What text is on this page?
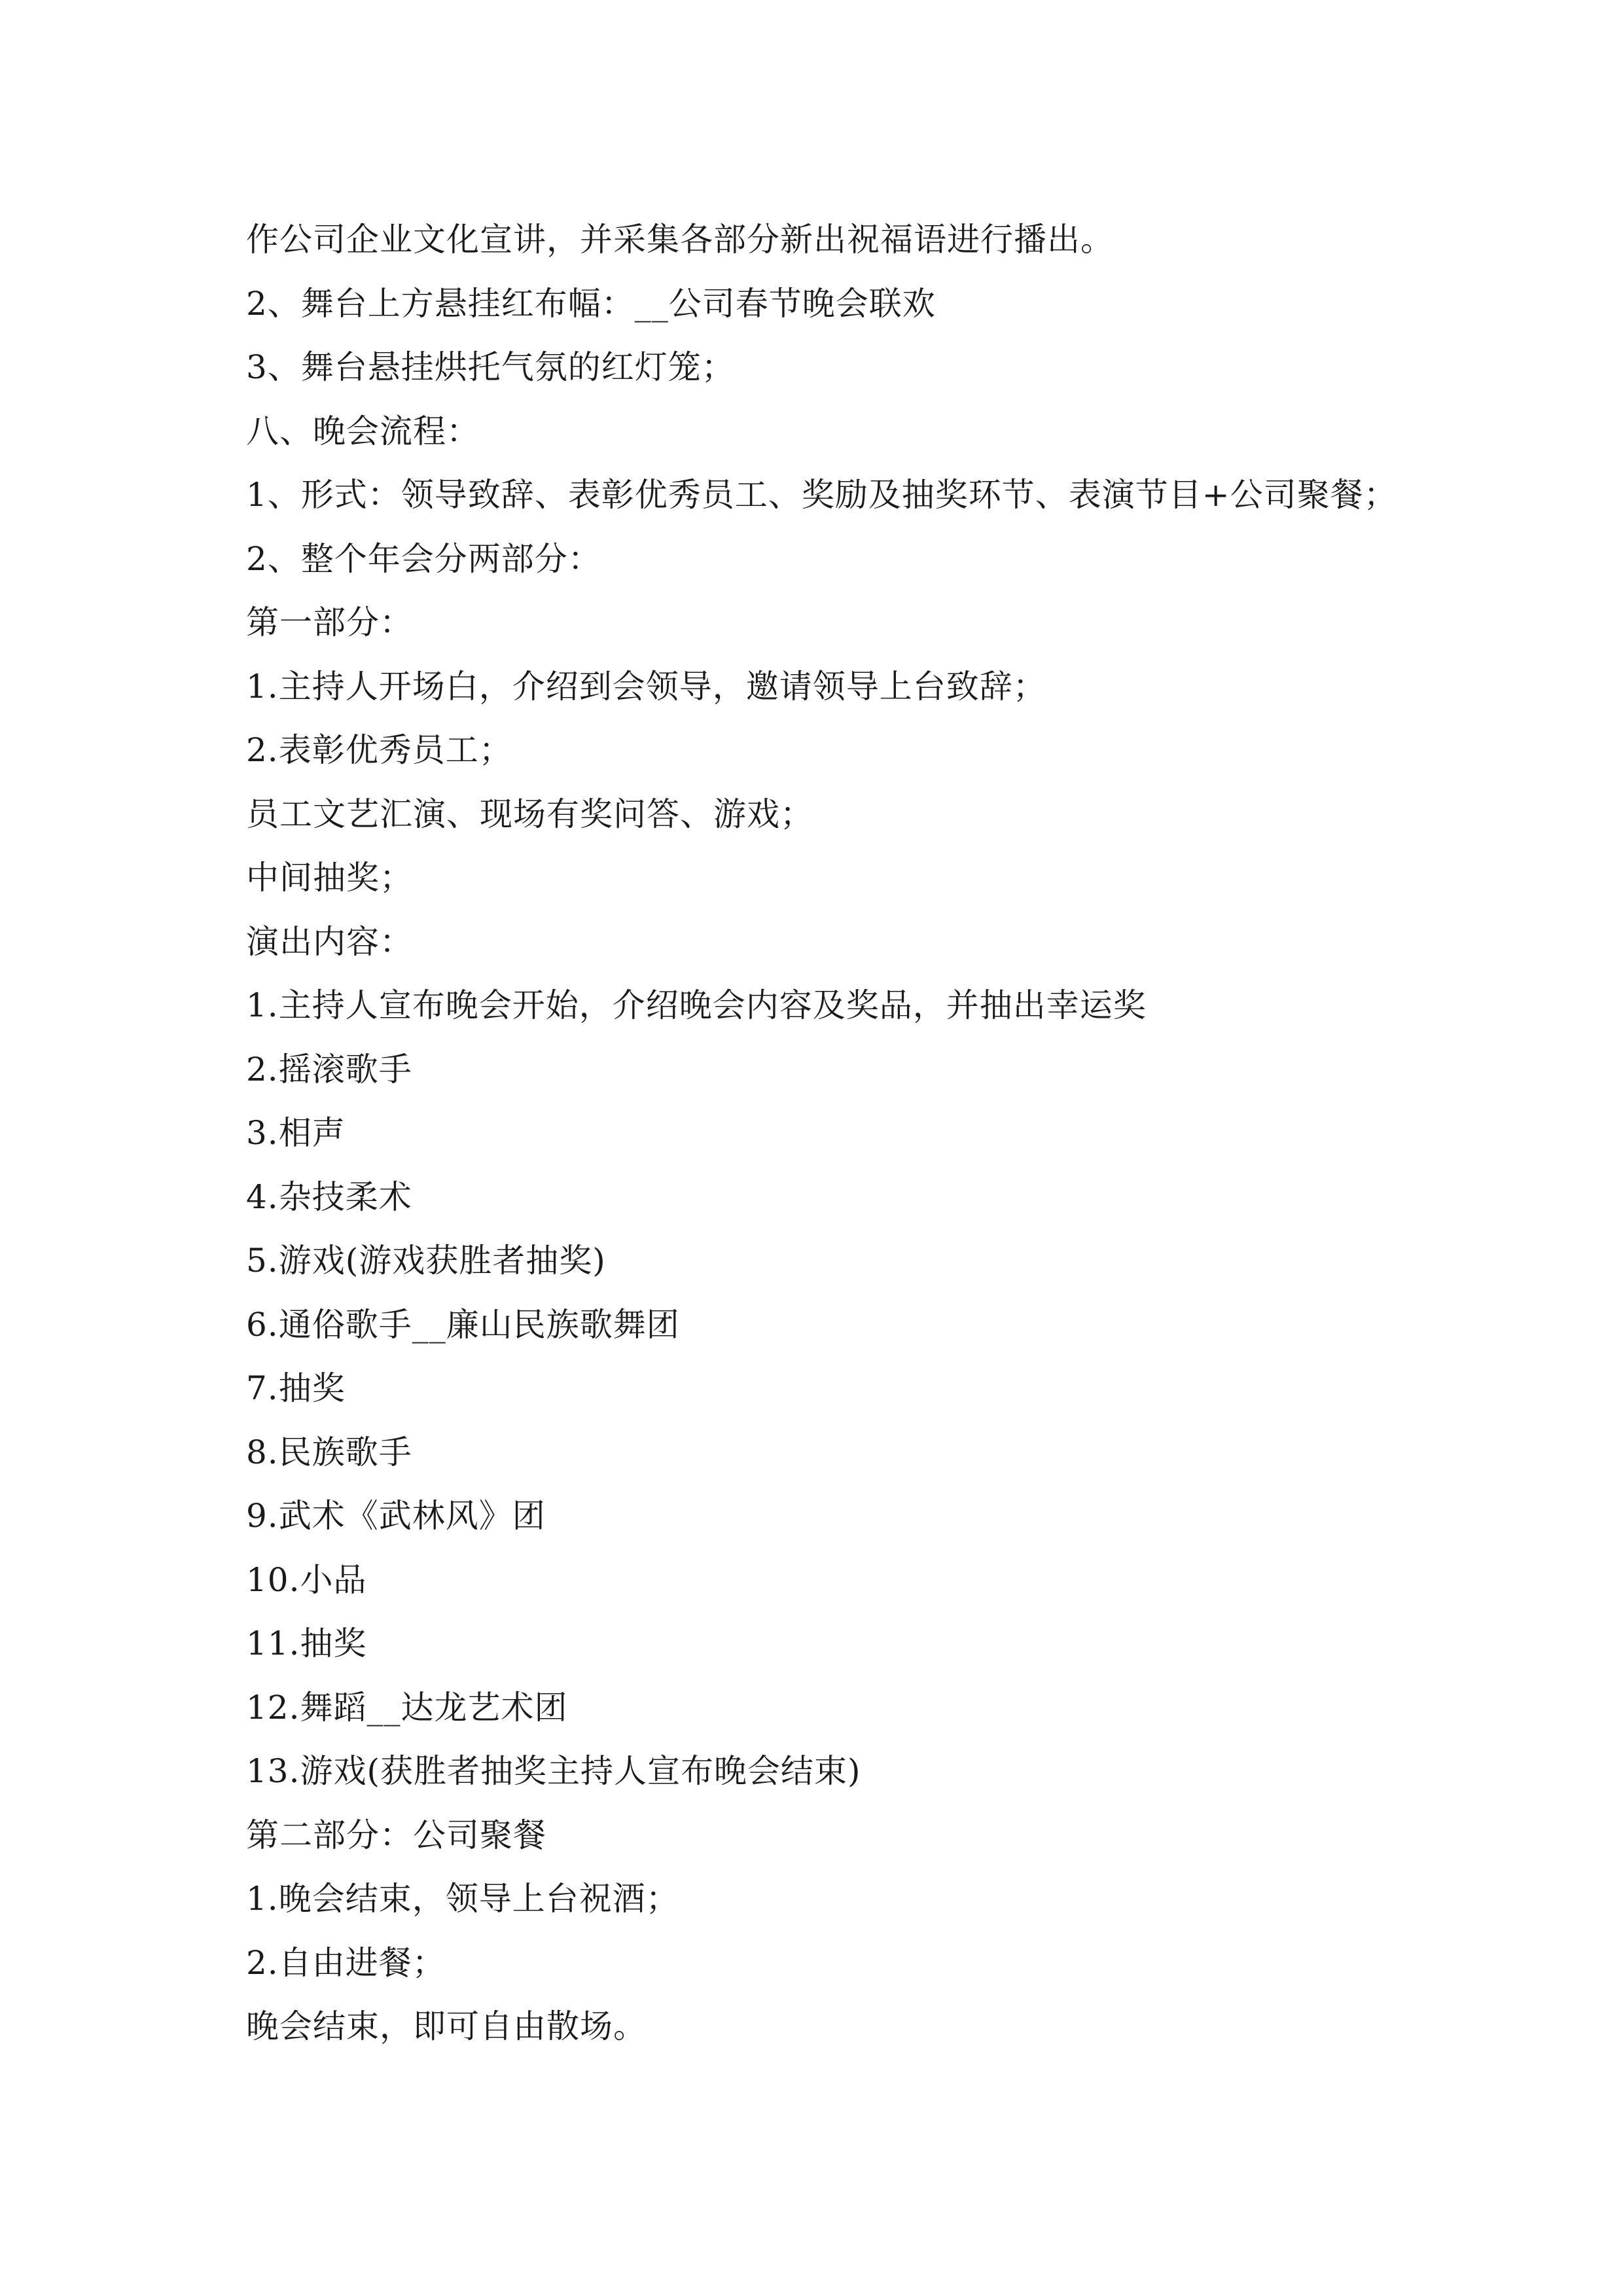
作公司企业文化宣讲，并采集各部分新出祝福语进行播出。
2、舞台上方悬挂红布幅：__公司春节晚会联欢
3、舞台悬挂烘托气氛的红灯笼；
八、晚会流程：
1、形式：领导致辞、表彰优秀员工、奖励及抽奖环节、表演节目+公司聚餐；
2、整个年会分两部分：
第一部分：
1.主持人开场白，介绍到会领导，邀请领导上台致辞；
2.表彰优秀员工；
员工文艺汇演、现场有奖问答、游戏；
中间抽奖；
演出内容：
1.主持人宣布晚会开始，介绍晚会内容及奖品，并抽出幸运奖
2.摇滚歌手
3.相声
4.杂技柔术
5.游戏(游戏获胜者抽奖)
6.通俗歌手__廉山民族歌舞团
7.抽奖
8.民族歌手
9.武术《武林风》团
10.小品
11.抽奖
12.舞蹈__达龙艺术团
13.游戏(获胜者抽奖主持人宣布晚会结束)
第二部分：公司聚餐
1.晚会结束，领导上台祝酒；
2.自由进餐；
晚会结束，即可自由散场。
